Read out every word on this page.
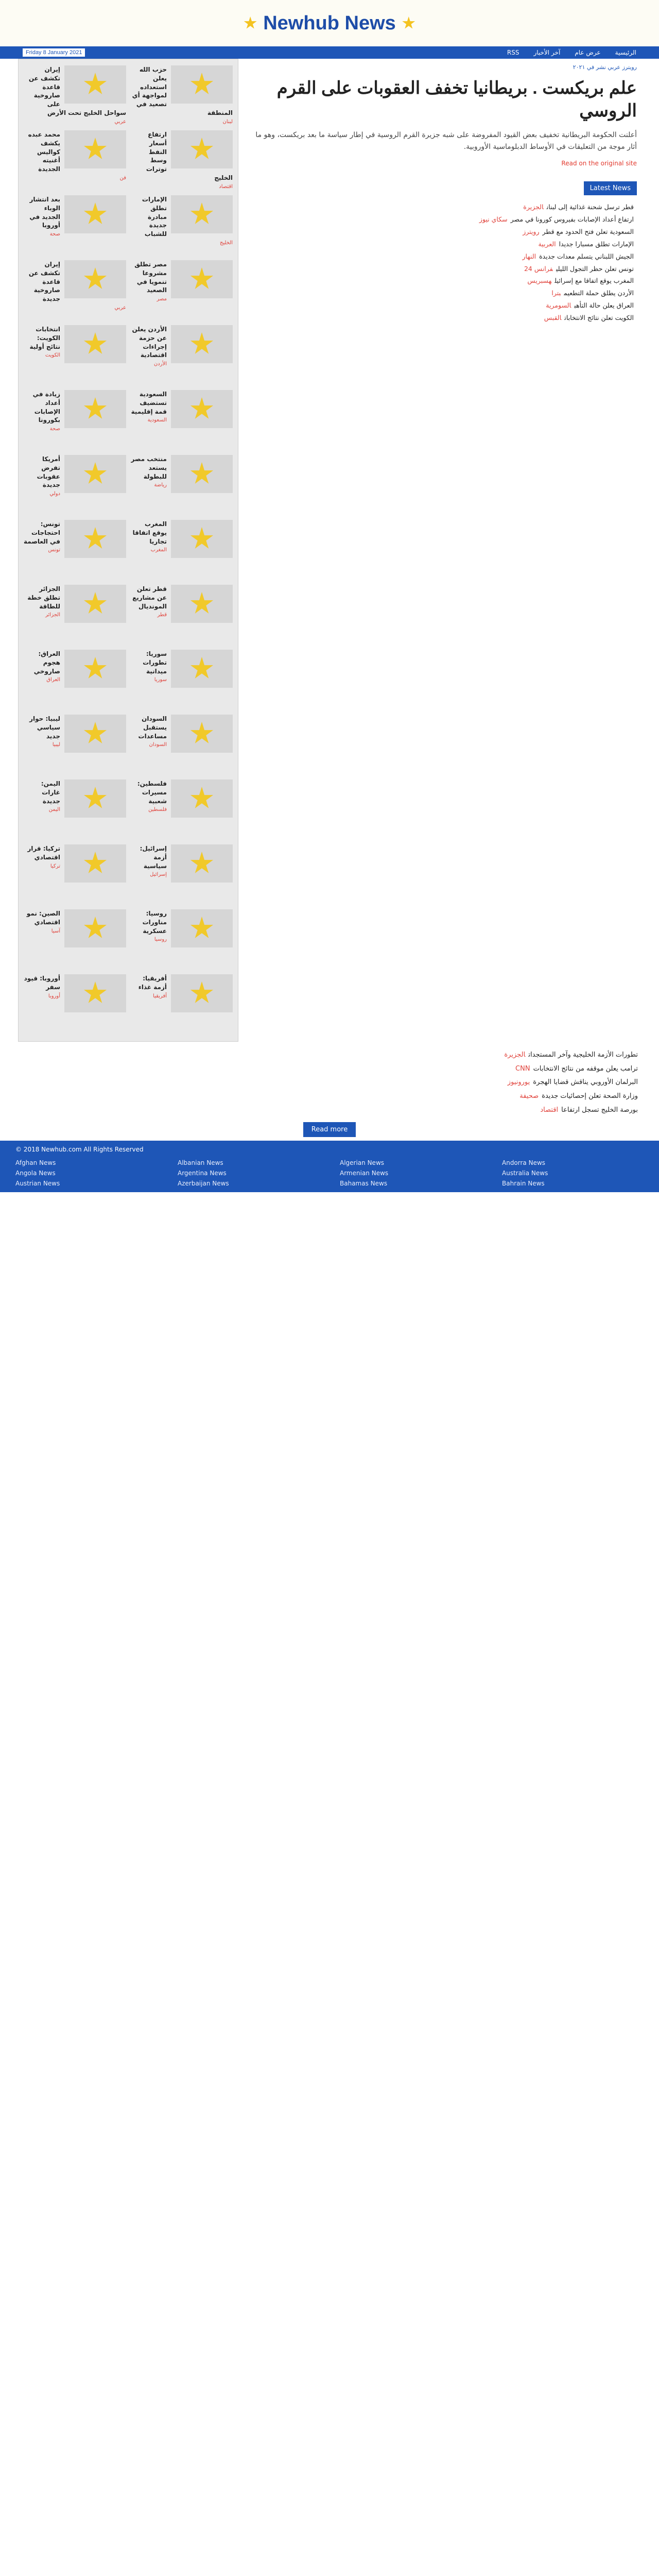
Newhub News
Friday 8 January 2021	الرئيسية
عرض عام
آخر الأخبار
RSS
إيران تكشف عن قاعدة صاروخية على سواحل الخليج تحت الأرض
عربي
حزب الله يعلن استعداده لمواجهة أي تصعيد في المنطقة
لبنان
محمد عبده يكشف كواليس أغنيته الجديدة
فن
ارتفاع أسعار النفط وسط توترات الخليج
اقتصاد
بعد انتشار الوباء الجديد في أوروبا
صحة
الإمارات تطلق مبادرة جديدة للشباب
الخليج
إيران تكشف عن قاعدة صاروخية جديدة
عربي
مصر تطلق مشروعا تنمويا في الصعيد
مصر
انتخابات الكويت: نتائج أولية
الكويت
الأردن يعلن عن حزمة إجراءات اقتصادية
الأردن
زيادة في أعداد الإصابات بكورونا
صحة
السعودية تستضيف قمة إقليمية
السعودية
أمريكا تفرض عقوبات جديدة
دولي
منتخب مصر يستعد للبطولة
رياضة
تونس: احتجاجات في العاصمة
تونس
المغرب يوقع اتفاقا تجاريا
المغرب
الجزائر تطلق خطة للطاقة
الجزائر
قطر تعلن عن مشاريع المونديال
قطر
العراق: هجوم صاروخي
العراق
سوريا: تطورات ميدانية
سوريا
ليبيا: حوار سياسي جديد
ليبيا
السودان يستقبل مساعدات
السودان
اليمن: غارات جديدة
اليمن
فلسطين: مسيرات شعبية
فلسطين
تركيا: قرار اقتصادي
تركيا
إسرائيل: أزمة سياسية
إسرائيل
الصين: نمو اقتصادي
آسيا
روسيا: مناورات عسكرية
روسيا
أوروبا: قيود سفر
أوروبا
أفريقيا: أزمة غذاء
أفريقيا
رويترز عربي نشر في ٢٠٢١
علم بريكست . بريطانيا تخفف العقوبات على القرم الروسي

أعلنت الحكومة البريطانية تخفيف بعض القيود المفروضة على شبه جزيرة القرم الروسية في إطار سياسة ما بعد بريكست، وهو ما أثار موجة من التعليقات في الأوساط الدبلوماسية الأوروبية.

Read on the original site
Latest News
قطر ترسل شحنة غذائية إلى لبنانالجزيرة
ارتفاع أعداد الإصابات بفيروس كورونا في مصرسكاي نيوز
السعودية تعلن فتح الحدود مع قطررويترز
الإمارات تطلق مسبارا جديداالعربية
الجيش اللبناني يتسلم معدات جديدةالنهار
تونس تعلن حظر التجول الليليفرانس 24
المغرب يوقع اتفاقا مع إسرائيلهسبريس
الأردن يطلق حملة التطعيمبترا
العراق يعلن حالة التأهبالسومرية
الكويت تعلن نتائج الانتخاباتالقبس
تطورات الأزمة الخليجية وآخر المستجداتالجزيرة
ترامب يعلن موقفه من نتائج الانتخاباتCNN
البرلمان الأوروبي يناقش قضايا الهجرةيورونيوز
وزارة الصحة تعلن إحصائيات جديدةصحيفة
بورصة الخليج تسجل ارتفاعااقتصاد
Read more
© 2018 Newhub.com All Rights Reserved
Afghan News	Albanian News	Algerian News	Andorra News
Angola News	Argentina News	Armenian News	Australia News
Austrian News	Azerbaijan News	Bahamas News	Bahrain News
